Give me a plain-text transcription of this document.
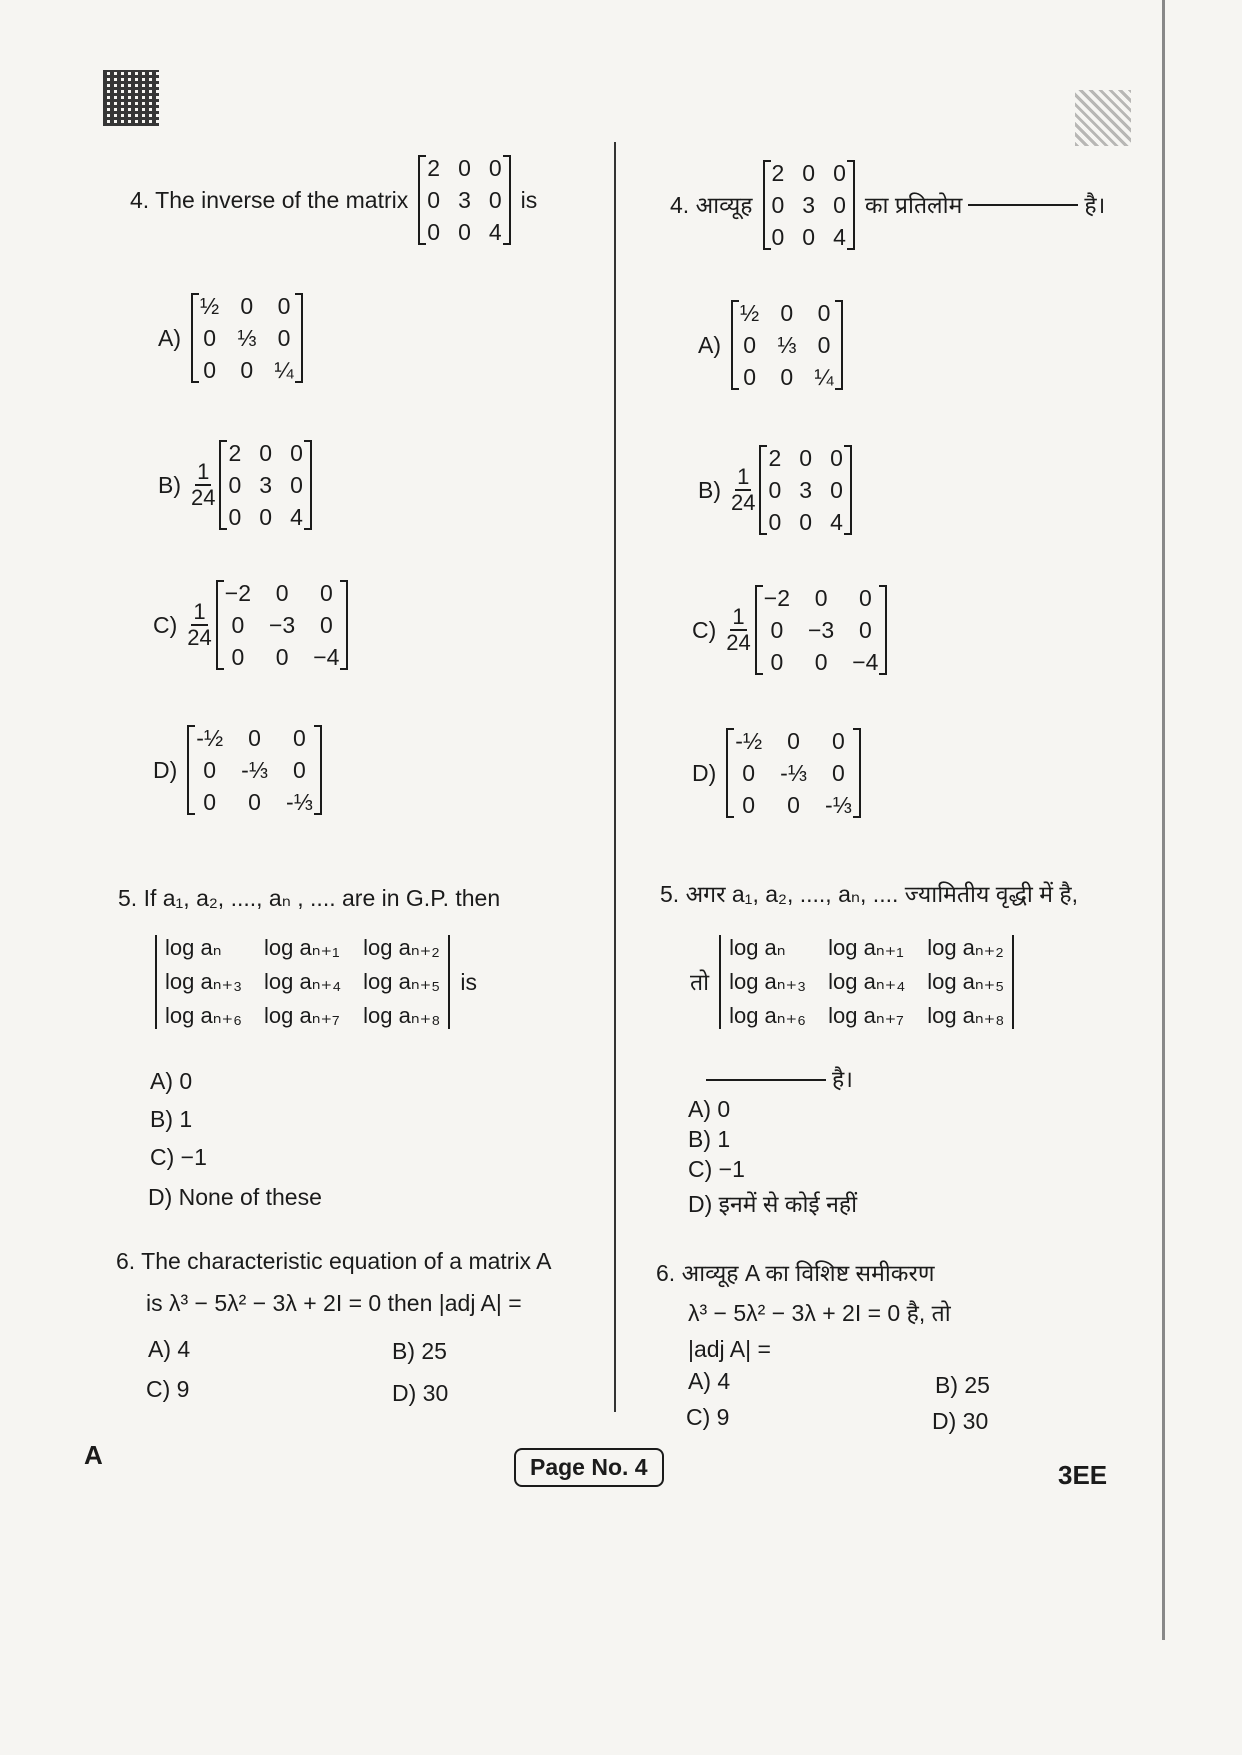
4. The inverse of the matrix
2 0 0
0 3 0
0 0 4
is
A)
½ 0 0
0 ⅓ 0
0 0 ¼
$B) \frac{1}{24}$
2 0 0
0 3 0
0 0 4
$C) \frac{1}{24}$
−2 0 0
0 −3 0
0 0 −4
D)
-½	0	0
0	-⅓	0
0	0	-⅓
5. If a₁, a₂, ...., aₙ , .... are in G.P. then
log aₙ	log aₙ₊₁ log aₙ₊₂
log aₙ₊₃ log aₙ₊₄ log aₙ₊₅
log aₙ₊₆ log aₙ₊₇ log aₙ₊₈
is
A) 0
B) 1
C) −1
D) None of these
6. The characteristic equation of a matrix A
is λ³ − 5λ² − 3λ + 2I = 0 then |adj A| =
A) 4	B) 25
C) 9	D) 30
4. आव्यूह
2 0 0
0 3 0
0 0 4
का प्रतिलोम	है।
A)
½ 0 0
0 ⅓ 0
0 0 ¼
$B) \frac{1}{24}$
2 0 0
0 3 0
0 0 4
$C) \frac{1}{24}$
−2 0 0
0 −3 0
0 0 −4
D)
-½	0	0
0	-⅓	0
0	0	-⅓
5. अगर a₁, a₂, ...., aₙ, .... ज्यामितीय वृद्धी में है,
तो
log aₙ	log aₙ₊₁ log aₙ₊₂
log aₙ₊₃ log aₙ₊₄ log aₙ₊₅
log aₙ₊₆ log aₙ₊₇ log aₙ₊₈
है।
A) 0
B) 1
C) −1
D) इनमें से कोई नहीं
6. आव्यूह A का विशिष्ट समीकरण
λ³ − 5λ² − 3λ + 2I = 0 है, तो
|adj A| =
A) 4	B) 25
C) 9	D) 30
A	Page No. 4	3EE
